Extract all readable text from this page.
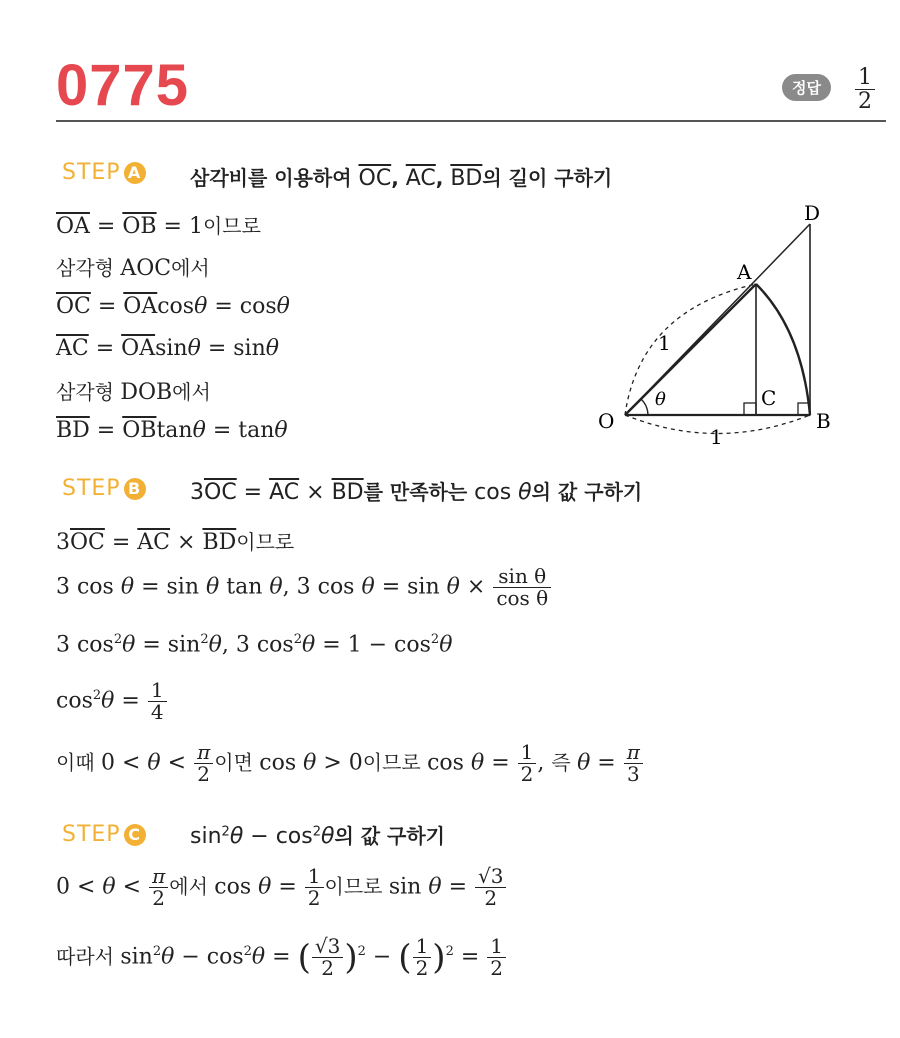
0775	정답	$\frac{1}{2}$
STEP A 삼각비를 이용하여 $\overline{OC}$, $\overline{AC}$, $\overline{BD}$의 길이 구하기
$\overline{OA} = \overline{OB} = 1$이므로
삼각형 AOC에서
$\overline{OC} = \overline{OA}\cos\theta = \cos\theta$
$\overline{AC} = \overline{OA}\sin\theta = \sin\theta$
삼각형 DOB에서
$\overline{BD} = \overline{OB}\tan\theta = \tan\theta$	O
A
B
C
D
1
1
θ
STEP B $3\overline{OC} = \overline{AC} \times \overline{BD}$를 만족하는 cos θ의 값 구하기
$3\overline{OC} = \overline{AC} \times \overline{BD}$이므로
3 cos θ = sin θ tan θ, 3 $\cos \theta = \sin \theta \times \frac{\text{sin θ}}{\text{cos θ}}$
3 $\cos^2\theta = \sin^2\theta$, 3 $\cos^2\theta = 1 - \cos^2\theta$
$\cos^2\theta = \frac{1}{4}$
이때 $0 < \theta < \frac{\pi}{2}$ 이면 cos θ > 0이므로 $\cos \theta = \frac{1}{2}$ , 즉 $\theta = \frac{\pi}{3}$
STEP C $\sin^2\theta - \cos^2\theta$의 값 구하기
$0 < \theta < \frac{\pi}{2}$ 에서 $\cos \theta = \frac{1}{2}$ 이므로 $\sin \theta = \frac{√3}{2}$
따라서 $\sin^2\theta - \cos^2\theta$ = ( $\frac{√3}{2} )^2$ − ( $\frac{1}{2} )^2 = \frac{1}{2}$
